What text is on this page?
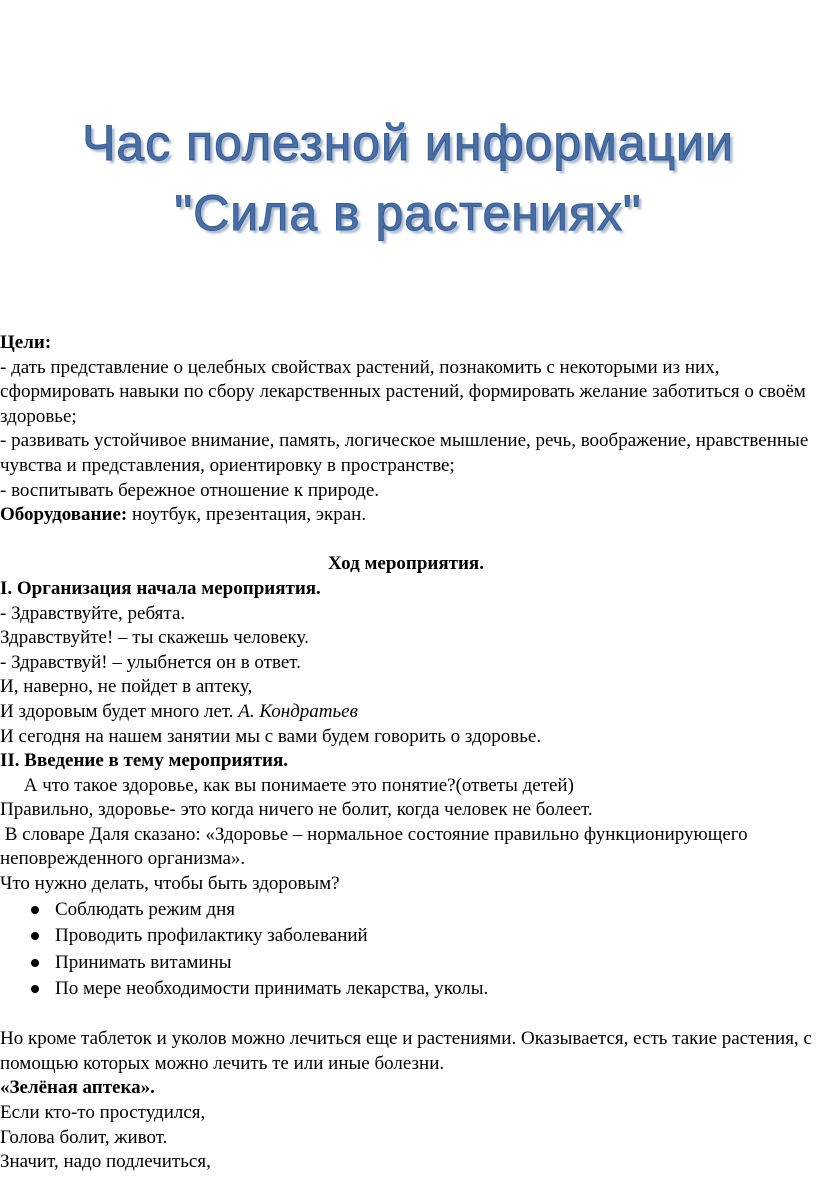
Час полезной информации
"Сила в растениях"

Цели:

- дать представление о целебных свойствах растений, познакомить с некоторыми из них, сформировать навыки по сбору лекарственных растений, формировать желание заботиться о своём здоровье;

- развивать устойчивое внимание, память, логическое мышление, речь, воображение, нравственные чувства и представления, ориентировку в пространстве;

- воспитывать бережное отношение к природе.

Оборудование: ноутбук, презентация, экран.

Ход мероприятия.

I. Организация начала мероприятия.

- Здравствуйте, ребята.

Здравствуйте! – ты скажешь человеку.

- Здравствуй! – улыбнется он в ответ.

И, наверно, не пойдет в аптеку,

И здоровым будет много лет. А. Кондратьев

И сегодня на нашем занятии мы с вами будем говорить о здоровье.

II. Введение в тему мероприятия.

А что такое здоровье, как вы понимаете это понятие?(ответы детей)

Правильно, здоровье- это когда ничего не болит, когда человек не болеет.

В словаре Даля сказано: «Здоровье – нормальное состояние правильно функционирующего неповрежденного организма».

Что нужно делать, чтобы быть здоровым?

Соблюдать режим дня
Проводить профилактику заболеваний
Принимать витамины
По мере необходимости принимать лекарства, уколы.

Но кроме таблеток и уколов можно лечиться еще и растениями. Оказывается, есть такие растения, с помощью которых можно лечить те или иные болезни.

«Зелёная аптека».

Если кто-то простудился,

Голова болит, живот.

Значит, надо подлечиться,
